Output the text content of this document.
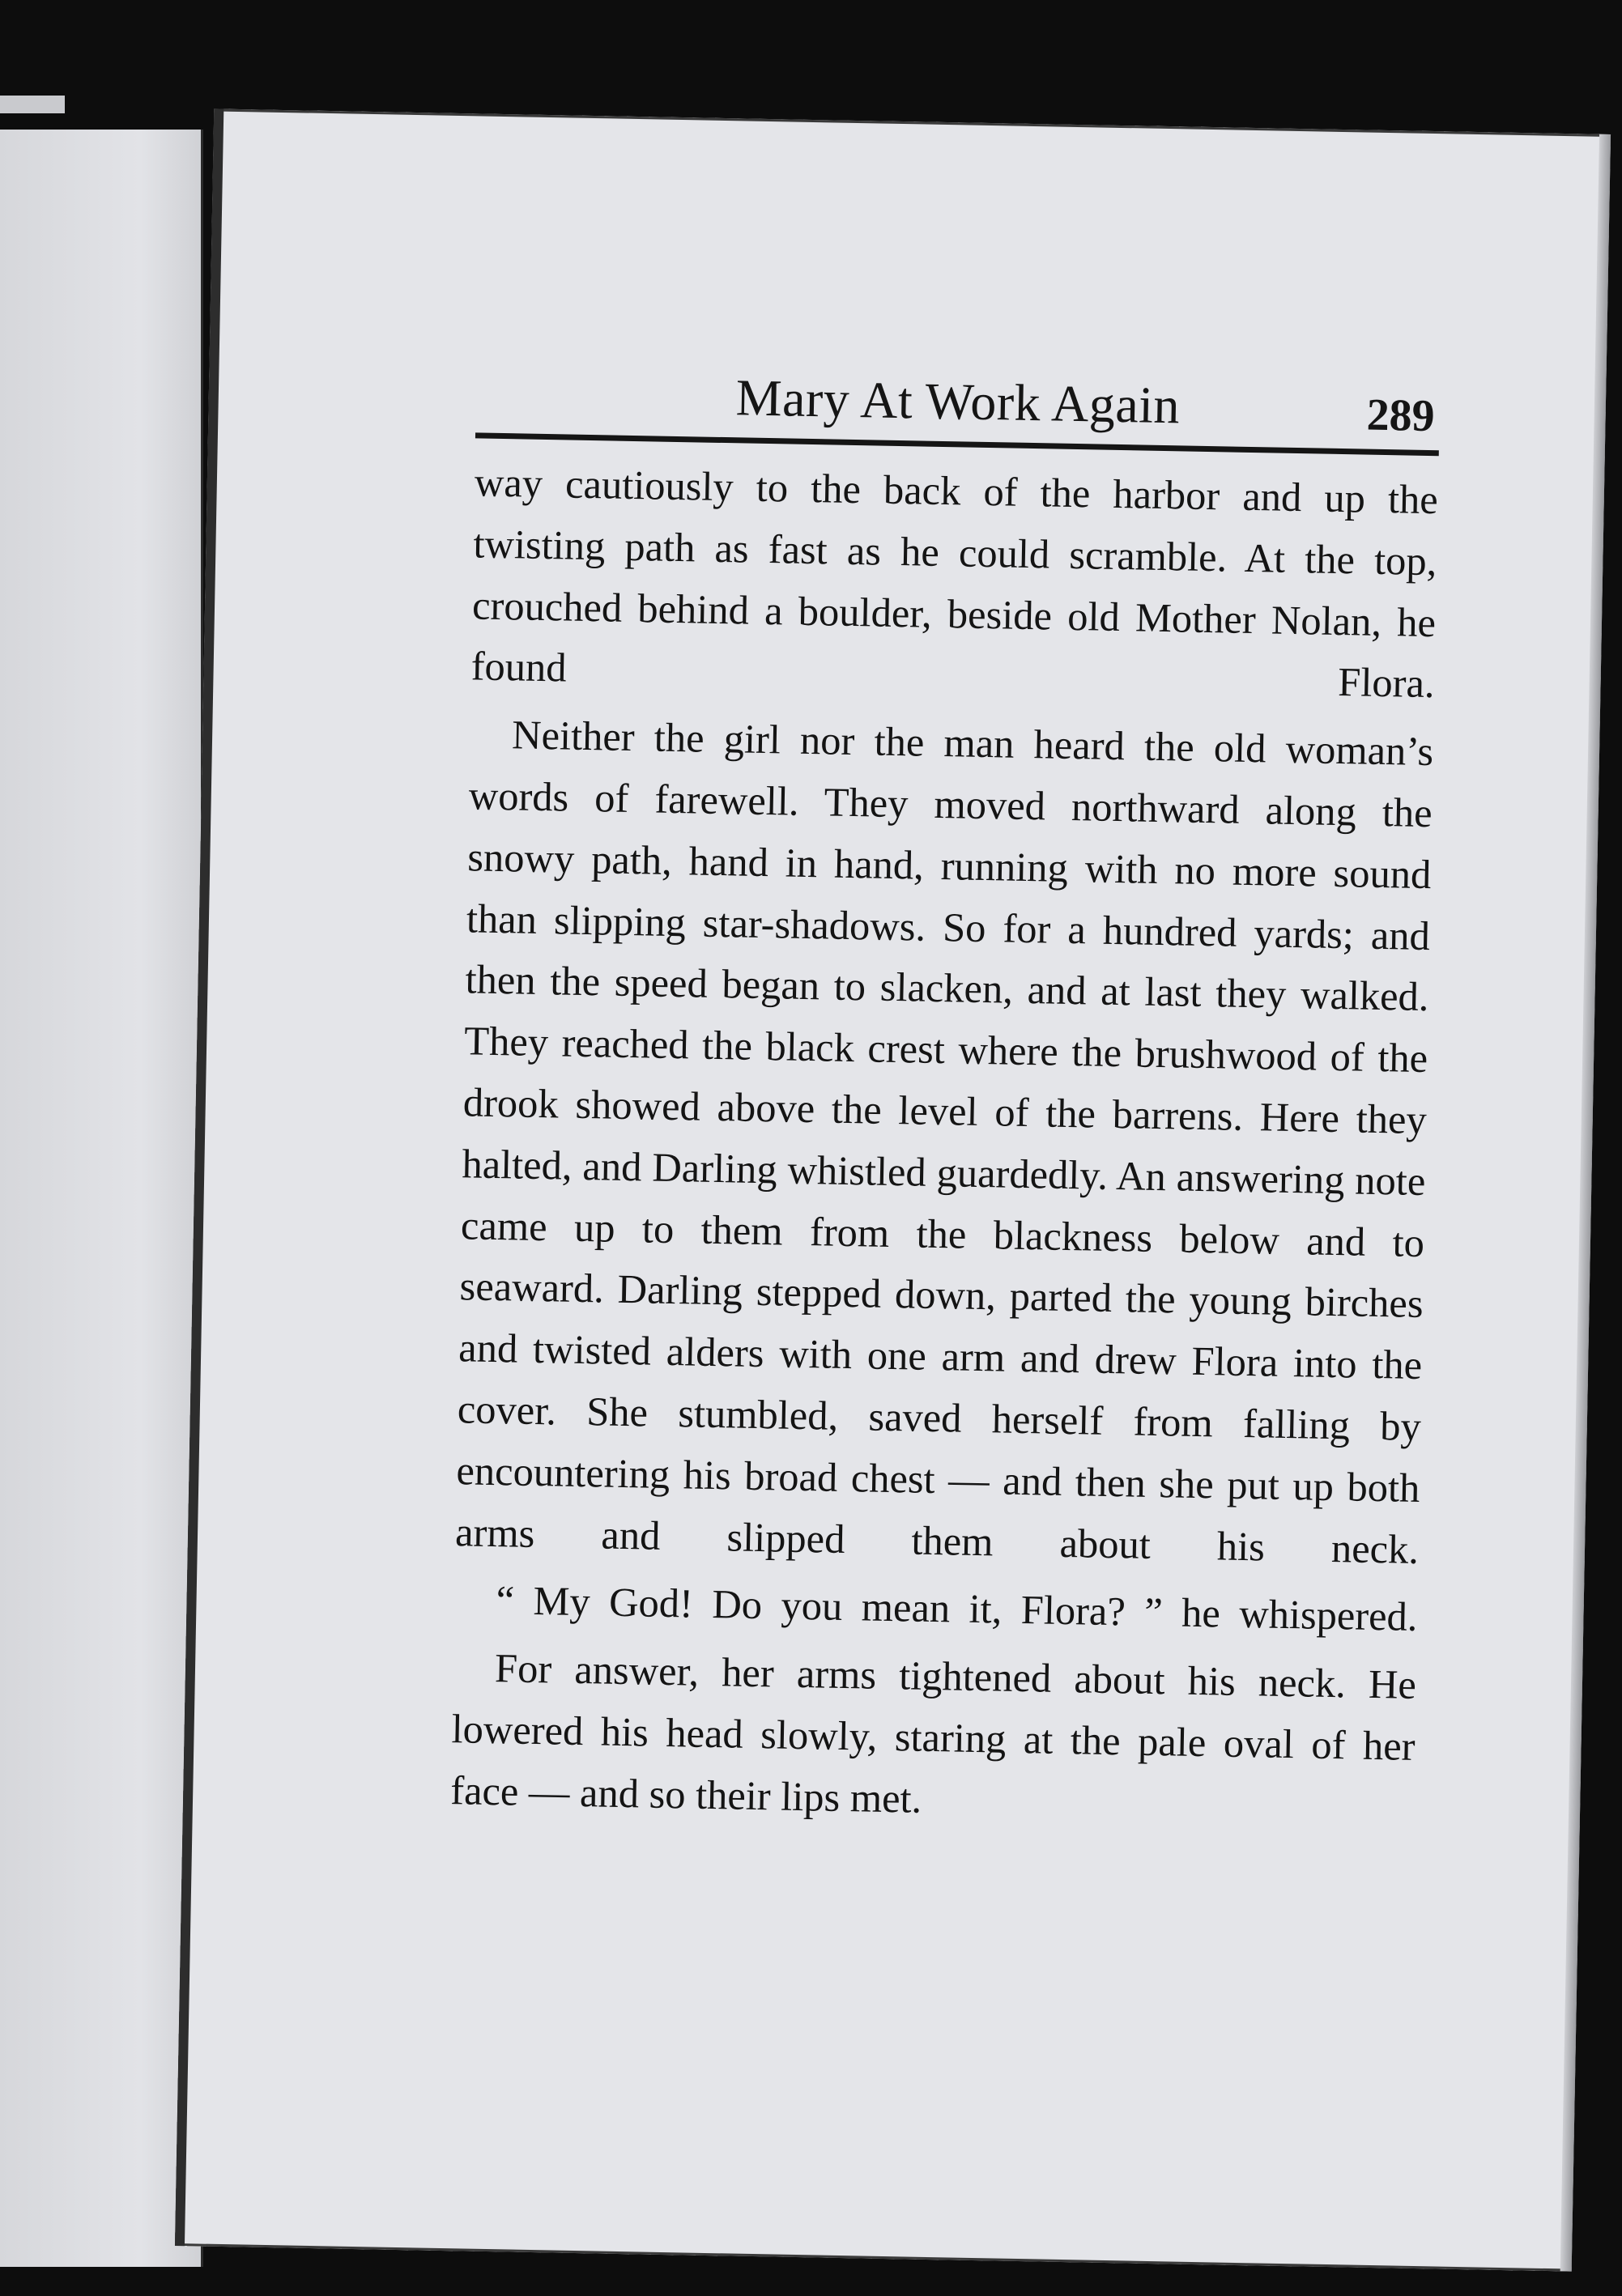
Mary At Work Again	289

way cautiously to the back of the harbor and up the twisting path as fast as he could scramble. At the top, crouched behind a boulder, beside old Mother Nolan, he found Flora.

Neither the girl nor the man heard the old woman’s words of farewell. They moved northward along the snowy path, hand in hand, running with no more sound than slipping star-shadows. So for a hundred yards; and then the speed began to slacken, and at last they walked. They reached the black crest where the brushwood of the drook showed above the level of the barrens. Here they halted, and Darling whistled guardedly. An answering note came up to them from the blackness below and to seaward. Darling stepped down, parted the young birches and twisted alders with one arm and drew Flora into the cover. She stumbled, saved herself from falling by encountering his broad chest — and then she put up both arms and slipped them about his neck.

“ My God! Do you mean it, Flora? ” he whispered.

For answer, her arms tightened about his neck. He lowered his head slowly, staring at the pale oval of her face — and so their lips met.
